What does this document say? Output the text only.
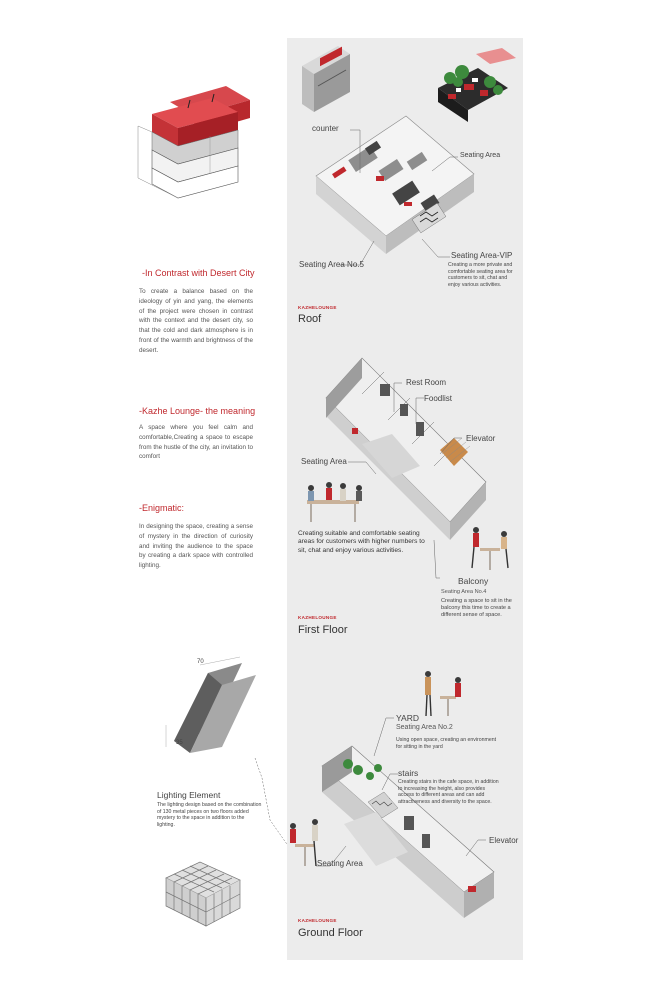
-In Contrast with Desert City
To create a balance based on the ideology of yin and yang, the elements of the project were chosen in contrast with the context and the desert city, so that the cold and dark atmosphere is in front of the warmth and brightness of the desert.
-Kazhe Lounge- the meaning
A space where you feel calm and comfortable,Creating a space to escape from the hustle of the city, an invitation to comfort
-Enigmatic:
In designing the space, creating a sense of mystery in the direction of curiosity and inviting the audience to the space by creating a dark space with controlled lighting.
70
35
Lighting Element
The lighting design based on the combination of 130 metal pieces on two floors added mystery to the space in addition to the lighting.
counter
Seating Area
Seating Area-VIP
Creating a more private and comfortable seating area for customers to sit, chat and enjoy various activities.
Seating Area No.5
KAZHELOUNGE
Roof
Rest Room
Foodlist
Elevator
Seating Area
Creating suitable and comfortable seating areas for customers with higher numbers to sit, chat and enjoy various activities.
Balcony
Seating Area No.4
Creating a space to sit in the balcony this time to create a different sense of space.
KAZHELOUNGE
First Floor
YARD
Seating Area No.2
Using open space, creating an environment for sitting in the yard
stairs
Creating stairs in the cafe space, in addition to increasing the height, also provides access to different areas and can add attractiveness and diversity to the space.
Elevator
Seating Area
KAZHELOUNGE
Ground Floor
